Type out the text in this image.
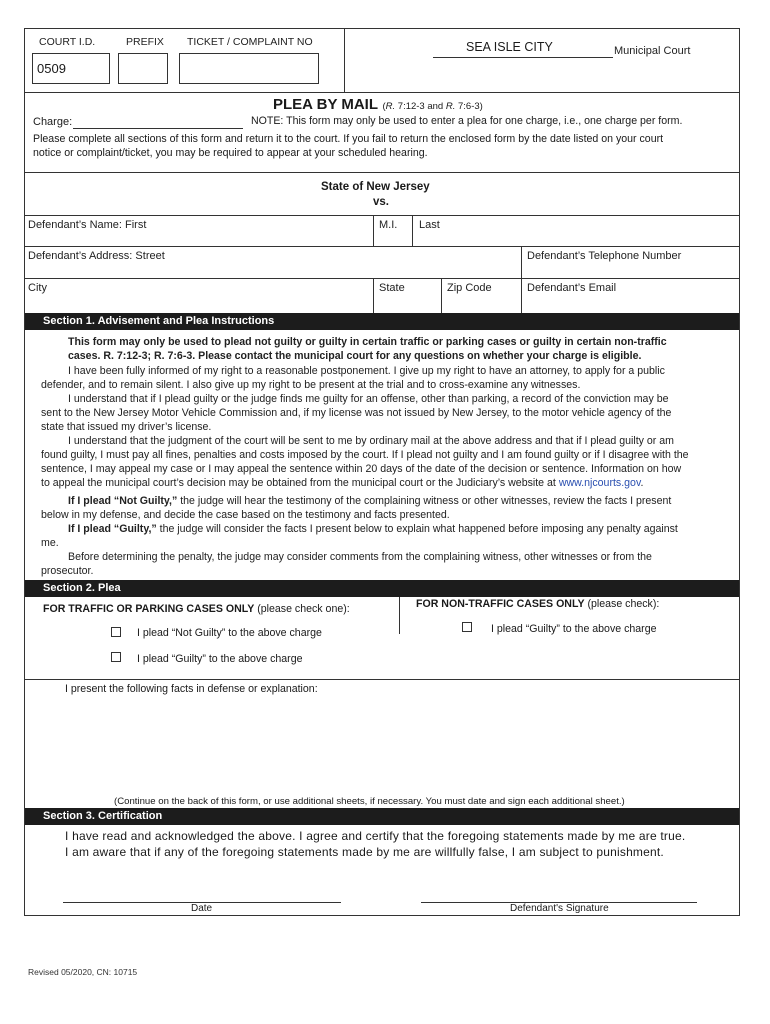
COURT I.D.	PREFIX TICKET / COMPLAINT NO
0509
SEA ISLE CITY	Municipal Court
PLEA BY MAIL (R. 7:12-3 and R. 7:6-3)
Charge:	NOTE: This form may only be used to enter a plea for one charge, i.e., one charge per form.
Please complete all sections of this form and return it to the court. If you fail to return the enclosed form by the date listed on your court
notice or complaint/ticket, you may be required to appear at your scheduled hearing.
State of New Jersey
vs.
Defendant’s Name: First	M.I. Last
Defendant’s Address: Street	Defendant’s Telephone Number
City	State	Zip Code	Defendant’s Email
Section 1. Advisement and Plea Instructions
This form may only be used to plead not guilty or guilty in certain traffic or parking cases or guilty in certain non-traffic
cases. R. 7:12-3; R. 7:6-3. Please contact the municipal court for any questions on whether your charge is eligible.
I have been fully informed of my right to a reasonable postponement. I give up my right to have an attorney, to apply for a public
defender, and to remain silent. I also give up my right to be present at the trial and to cross-examine any witnesses.
I understand that if I plead guilty or the judge finds me guilty for an offense, other than parking, a record of the conviction may be
sent to the New Jersey Motor Vehicle Commission and, if my license was not issued by New Jersey, to the motor vehicle agency of the
state that issued my driver’s license.
I understand that the judgment of the court will be sent to me by ordinary mail at the above address and that if I plead guilty or am
found guilty, I must pay all fines, penalties and costs imposed by the court. If I plead not guilty and I am found guilty or if I disagree with the
sentence, I may appeal my case or I may appeal the sentence within 20 days of the date of the decision or sentence. Information on how
to appeal the municipal court’s decision may be obtained from the municipal court or the Judiciary’s website at www.njcourts.gov.
If I plead “Not Guilty,” the judge will hear the testimony of the complaining witness or other witnesses, review the facts I present
below in my defense, and decide the case based on the testimony and facts presented.
If I plead “Guilty,” the judge will consider the facts I present below to explain what happened before imposing any penalty against
me.
Before determining the penalty, the judge may consider comments from the complaining witness, other witnesses or from the
prosecutor.
Section 2. Plea
FOR TRAFFIC OR PARKING CASES ONLY (please check one):
I plead “Not Guilty” to the above charge
I plead “Guilty” to the above charge
FOR NON-TRAFFIC CASES ONLY (please check):
I plead “Guilty” to the above charge
I present the following facts in defense or explanation:
(Continue on the back of this form, or use additional sheets, if necessary. You must date and sign each additional sheet.)
Section 3. Certification
I have read and acknowledged the above. I agree and certify that the foregoing statements made by me are true.
I am aware that if any of the foregoing statements made by me are willfully false, I am subject to punishment.
Date	Defendant's Signature
Revised 05/2020, CN: 10715
